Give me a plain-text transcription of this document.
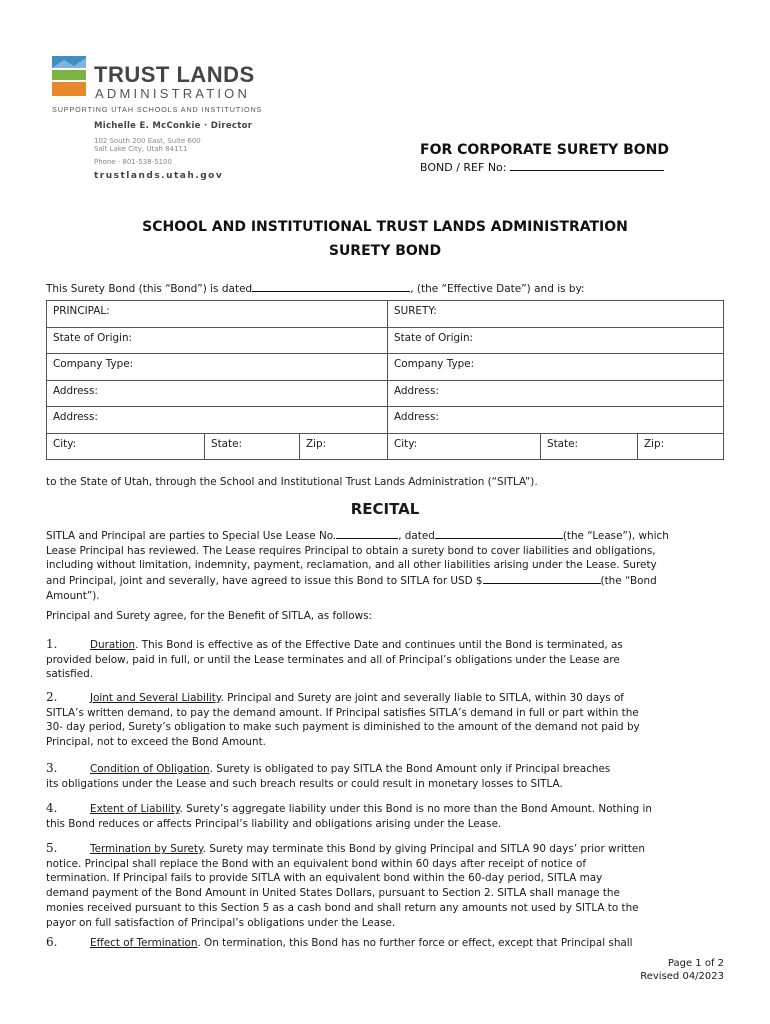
TRUST LANDS
ADMINISTRATION
SUPPORTING UTAH SCHOOLS AND INSTITUTIONS
Michelle E. McConkie · Director
102 South 200 East, Suite 600
Salt Lake City, Utah 84111
Phone · 801-538-5100
trustlands.utah.gov
FOR CORPORATE SURETY BOND
BOND / REF No:
SCHOOL AND INSTITUTIONAL TRUST LANDS ADMINISTRATION
SURETY BOND
This Surety Bond (this “Bond”) is dated	, (the “Effective Date”) and is by:
PRINCIPAL:			SURETY:		
State of Origin:			State of Origin:		
Company Type:			Company Type:		
Address:			Address:		
Address:			Address:		
City:	State:	Zip:	City:	State:	Zip:
to the State of Utah, through the School and Institutional Trust Lands Administration (“SITLA”).
RECITAL
SITLA and Principal are parties to Special Use Lease No.	, dated	(the “Lease”), which
Lease Principal has reviewed. The Lease requires Principal to obtain a surety bond to cover liabilities and obligations,
including without limitation, indemnity, payment, reclamation, and all other liabilities arising under the Lease. Surety
and Principal, joint and severally, have agreed to issue this Bond to SITLA for USD $	(the “Bond
Amount”).
Principal and Surety agree, for the Benefit of SITLA, as follows:
1.	Duration. This Bond is effective as of the Effective Date and continues until the Bond is terminated, as
provided below, paid in full, or until the Lease terminates and all of Principal’s obligations under the Lease are
satisfied.
2.	Joint and Several Liability. Principal and Surety are joint and severally liable to SITLA, within 30 days of
SITLA’s written demand, to pay the demand amount. If Principal satisfies SITLA’s demand in full or part within the
30- day period, Surety’s obligation to make such payment is diminished to the amount of the demand not paid by
Principal, not to exceed the Bond Amount.
3.	Condition of Obligation. Surety is obligated to pay SITLA the Bond Amount only if Principal breaches
its obligations under the Lease and such breach results or could result in monetary losses to SITLA.
4.	Extent of Liability. Surety’s aggregate liability under this Bond is no more than the Bond Amount. Nothing in
this Bond reduces or affects Principal’s liability and obligations arising under the Lease.
5.	Termination by Surety. Surety may terminate this Bond by giving Principal and SITLA 90 days’ prior written
notice. Principal shall replace the Bond with an equivalent bond within 60 days after receipt of notice of
termination. If Principal fails to provide SITLA with an equivalent bond within the 60-day period, SITLA may
demand payment of the Bond Amount in United States Dollars, pursuant to Section 2. SITLA shall manage the
monies received pursuant to this Section 5 as a cash bond and shall return any amounts not used by SITLA to the
payor on full satisfaction of Principal’s obligations under the Lease.
6.	Effect of Termination. On termination, this Bond has no further force or effect, except that Principal shall
Page 1 of 2
Revised 04/2023
